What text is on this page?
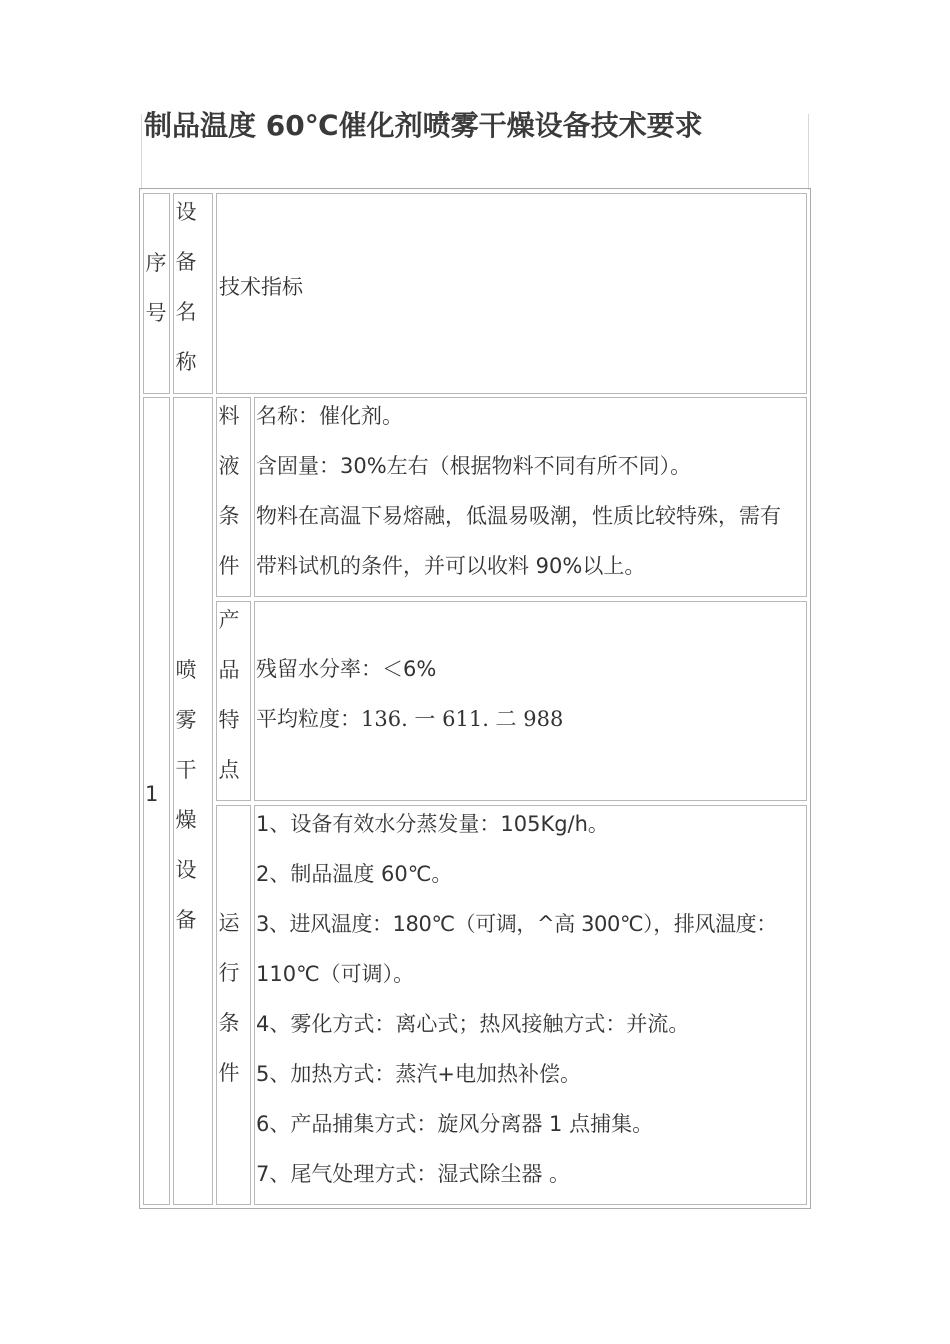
制品温度 60℃催化剂喷雾干燥设备技术要求
序
号
设
备
名
称
技术指标
1
喷
雾
干
燥
设
备
料
液
条
件
名称：催化剂。
含固量：30%左右（根据物料不同有所不同）。
物料在高温下易熔融，低温易吸潮，性质比较特殊，需有
带料试机的条件，并可以收料 90%以上。
产
品
特
点
残留水分率：＜6%
平均粒度：136. 一 611. 二 988
运
行
条
件
1、设备有效水分蒸发量：105Kg/h。
2、制品温度 60℃。
3、进风温度：180℃（可调，^高 300℃），排风温度：
110℃（可调）。
4、雾化方式：离心式；热风接触方式：并流。
5、加热方式：蒸汽+电加热补偿。
6、产品捕集方式：旋风分离器 1 点捕集。
7、尾气处理方式：湿式除尘器 。
